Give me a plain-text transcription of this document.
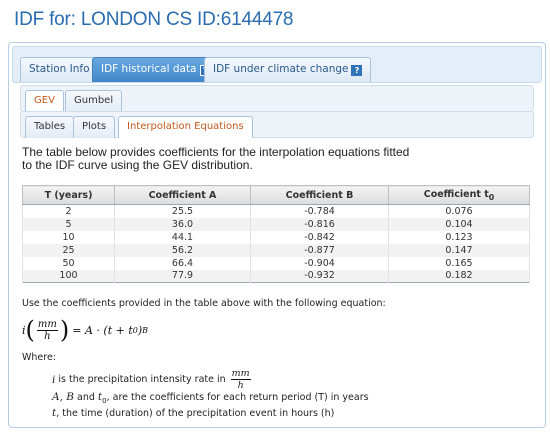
IDF for: LONDON CS ID:6144478
Station Info	IDF historical data	IDF under climate change ?
GEV	Gumbel
Tables	Plots	Interpolation Equations
The table below provides coefficients for the interpolation equations fitted to the IDF curve using the GEV distribution.
T (years)	Coefficient A	Coefficient B	Coefficient $t_0$
2	25.5	-0.784	0.076
5	36.0	-0.816	0.104
10	44.1	-0.842	0.123
25	56.2	-0.877	0.147
50	66.4	-0.904	0.165
100	77.9	-0.932	0.182
Use the coefficients provided in the table above with the following equation:
i ( $\frac{mm}{h}$ ) = A · (t + t 0 ) B
Where:
i is the precipitation intensity rate in $\frac{mm}{h}$
A, B and $t_0$, are the coefficients for each return period (T) in years
t, the time (duration) of the precipitation event in hours (h)
